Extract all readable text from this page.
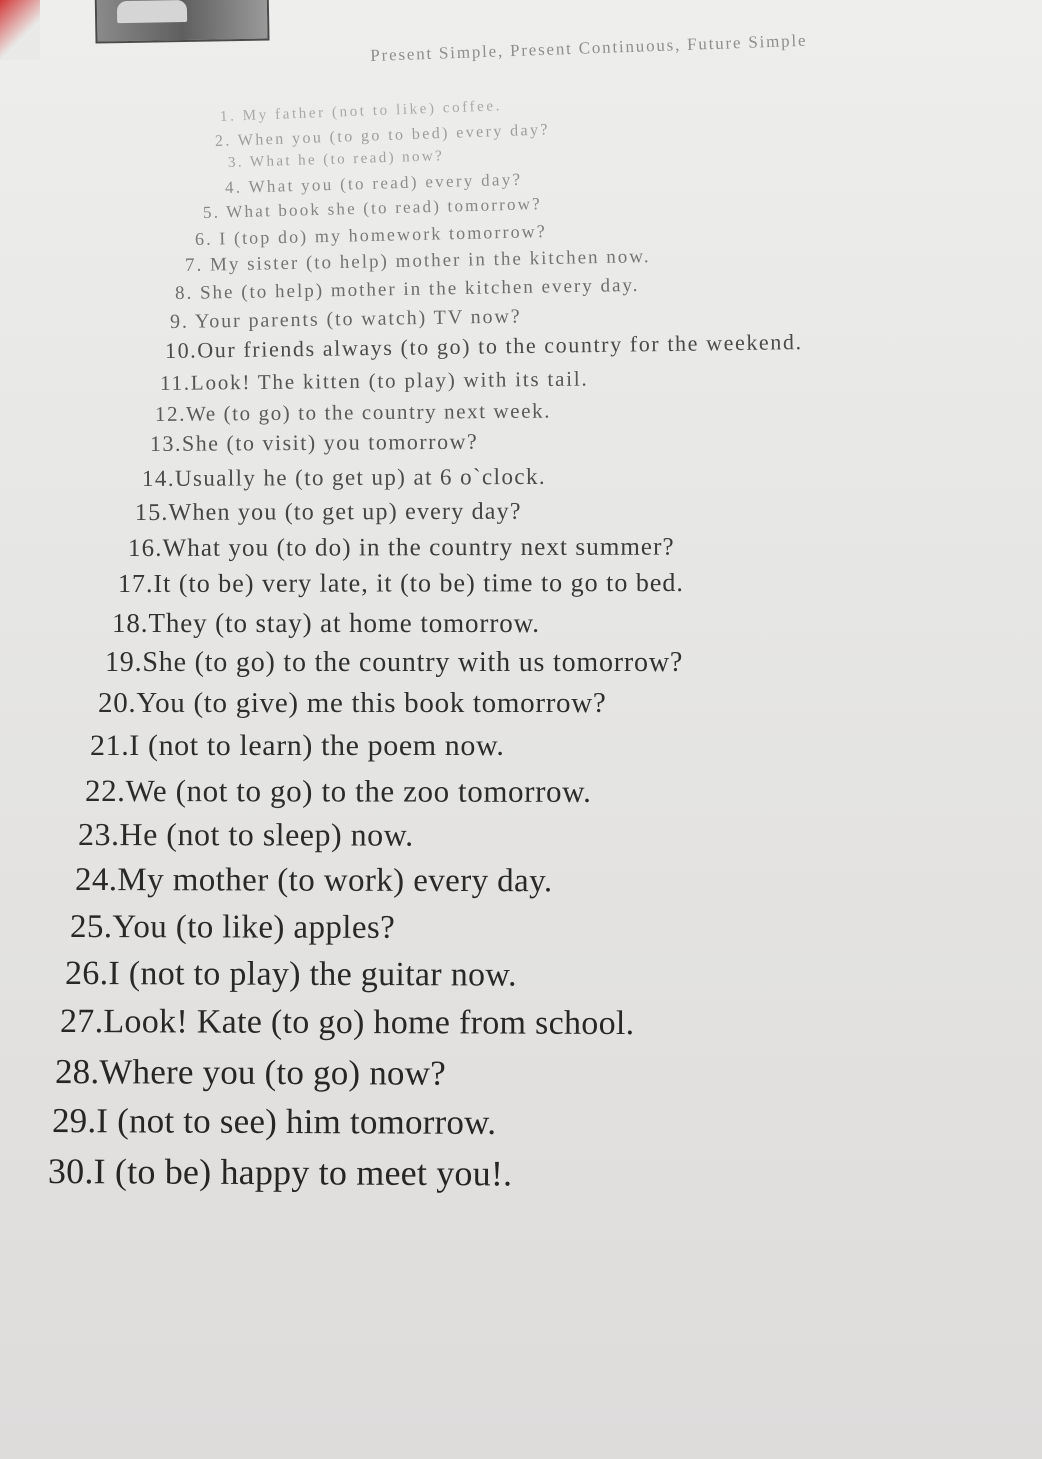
Present Simple, Present Continuous, Future Simple
1. My father (not to like) coffee.
2. When you (to go to bed) every day?
3. What he (to read) now?
4. What you (to read) every day?
5. What book she (to read) tomorrow?
6. I (top do) my homework tomorrow?
7. My sister (to help) mother in the kitchen now.
8. She (to help) mother in the kitchen every day.
9. Your parents (to watch) TV now?
10.Our friends always (to go) to the country for the weekend.
11.Look! The kitten (to play) with its tail.
12.We (to go) to the country next week.
13.She (to visit) you tomorrow?
14.Usually he (to get up) at 6 o`clock.
15.When you (to get up) every day?
16.What you (to do) in the country next summer?
17.It (to be) very late, it (to be) time to go to bed.
18.They (to stay) at home tomorrow.
19.She (to go) to the country with us tomorrow?
20.You (to give) me this book tomorrow?
21.I (not to learn) the poem now.
22.We (not to go) to the zoo tomorrow.
23.He (not to sleep) now.
24.My mother (to work) every day.
25.You (to like) apples?
26.I (not to play) the guitar now.
27.Look! Kate (to go) home from school.
28.Where you (to go) now?
29.I (not to see) him tomorrow.
30.I (to be) happy to meet you!.
